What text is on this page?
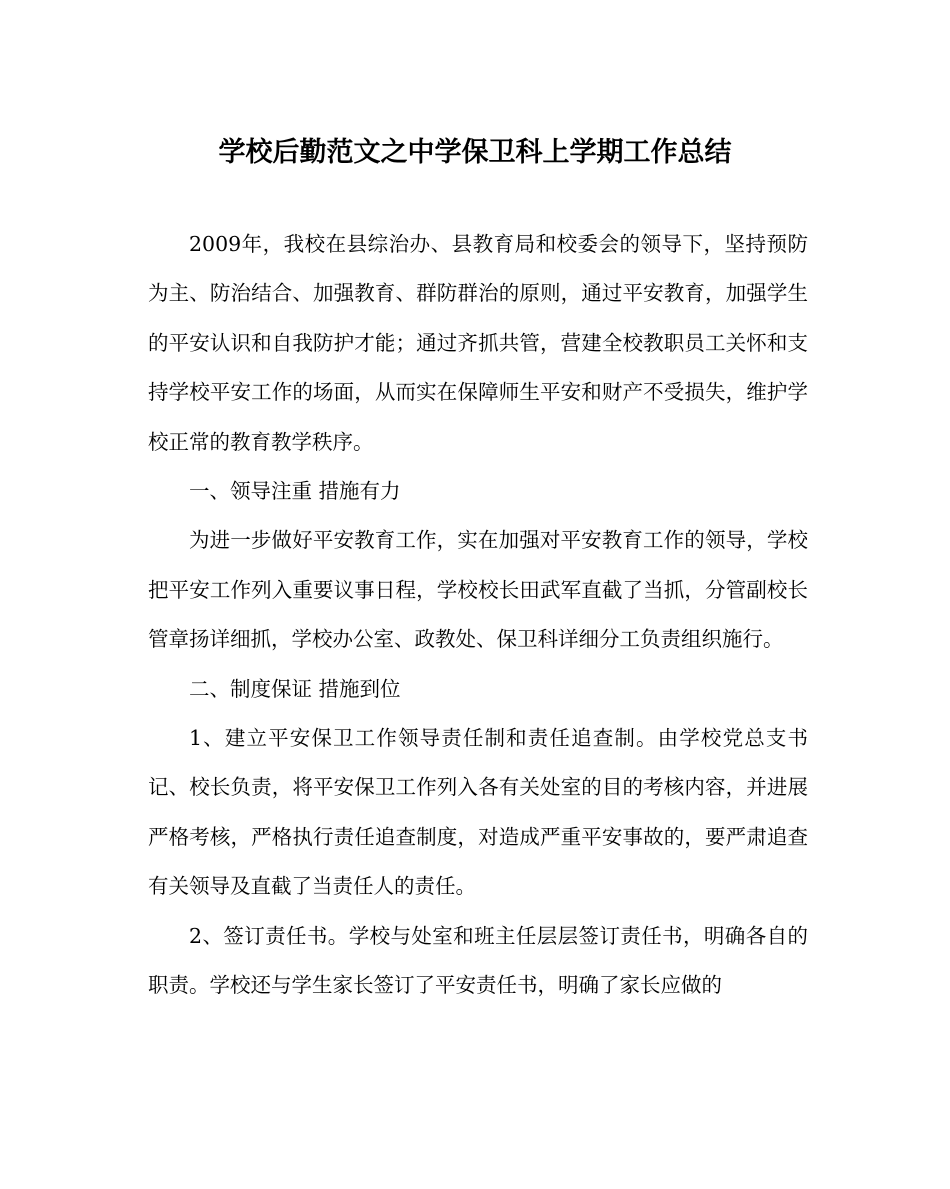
学校后勤范文之中学保卫科上学期工作总结

2009年，我校在县综治办、县教育局和校委会的领导下，坚持预防为主、防治结合、加强教育、群防群治的原则，通过平安教育，加强学生的平安认识和自我防护才能；通过齐抓共管，营建全校教职员工关怀和支持学校平安工作的场面，从而实在保障师生平安和财产不受损失，维护学校正常的教育教学秩序。

一、领导注重 措施有力

为进一步做好平安教育工作，实在加强对平安教育工作的领导，学校把平安工作列入重要议事日程，学校校长田武军直截了当抓，分管副校长管章扬详细抓，学校办公室、政教处、保卫科详细分工负责组织施行。

二、制度保证 措施到位

1、建立平安保卫工作领导责任制和责任追查制。由学校党总支书记、校长负责，将平安保卫工作列入各有关处室的目的考核内容，并进展严格考核，严格执行责任追查制度，对造成严重平安事故的，要严肃追查有关领导及直截了当责任人的责任。

2、签订责任书。学校与处室和班主任层层签订责任书，明确各自的职责。学校还与学生家长签订了平安责任书，明确了家长应做的
